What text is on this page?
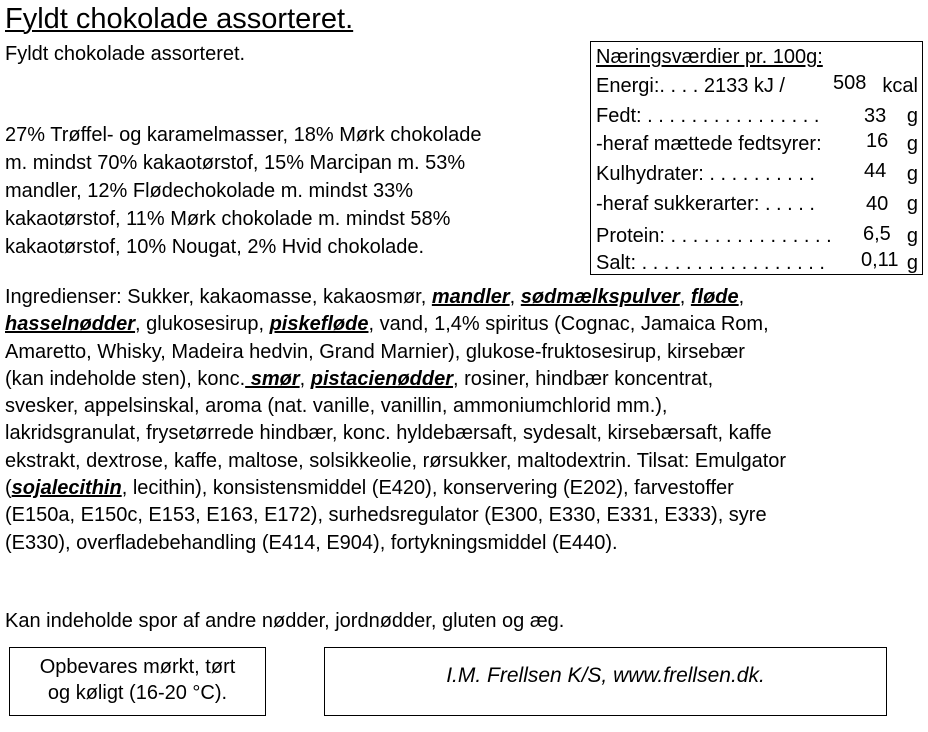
Fyldt chokolade assorteret.
Fyldt chokolade assorteret.
27% Trøffel- og karamelmasser, 18% Mørk chokolade
m. mindst 70% kakaotørstof, 15% Marcipan m. 53%
mandler, 12% Flødechokolade m. mindst 33%
kakaotørstof, 11% Mørk chokolade m. mindst 58%
kakaotørstof, 10% Nougat, 2% Hvid chokolade.
Næringsværdier pr. 100g:
Energi:. . . . 2133 kJ / 508 kcal
Fedt: . . . . . . . . . . . . . . . . 33 g
-heraf mættede fedtsyrer: 16 g
Kulhydrater: . . . . . . . . . . 44 g
-heraf sukkerarter: . . . . .	40 g
Protein: . . . . . . . . . . . . . . . 6,5 g
Salt: . . . . . . . . . . . . . . . . . 0,11 g
Ingredienser: Sukker, kakaomasse, kakaosmør, mandler, sødmælkspulver, fløde,
hasselnødder, glukosesirup, piskefløde, vand, 1,4% spiritus (Cognac, Jamaica Rom,
Amaretto, Whisky, Madeira hedvin, Grand Marnier), glukose-fruktosesirup, kirsebær
(kan indeholde sten), konc. smør, pistacienødder, rosiner, hindbær koncentrat,
svesker, appelsinskal, aroma (nat. vanille, vanillin, ammoniumchlorid mm.),
lakridsgranulat, frysetørrede hindbær, konc. hyldebærsaft, sydesalt, kirsebærsaft, kaffe
ekstrakt, dextrose, kaffe, maltose, solsikkeolie, rørsukker, maltodextrin. Tilsat: Emulgator
(sojalecithin, lecithin), konsistensmiddel (E420), konservering (E202), farvestoffer
(E150a, E150c, E153, E163, E172), surhedsregulator (E300, E330, E331, E333), syre
(E330), overfladebehandling (E414, E904), fortykningsmiddel (E440).
Kan indeholde spor af andre nødder, jordnødder, gluten og æg.
Opbevares mørkt, tørt
og køligt (16-20 °C).
I.M. Frellsen K/S, www.frellsen.dk.
